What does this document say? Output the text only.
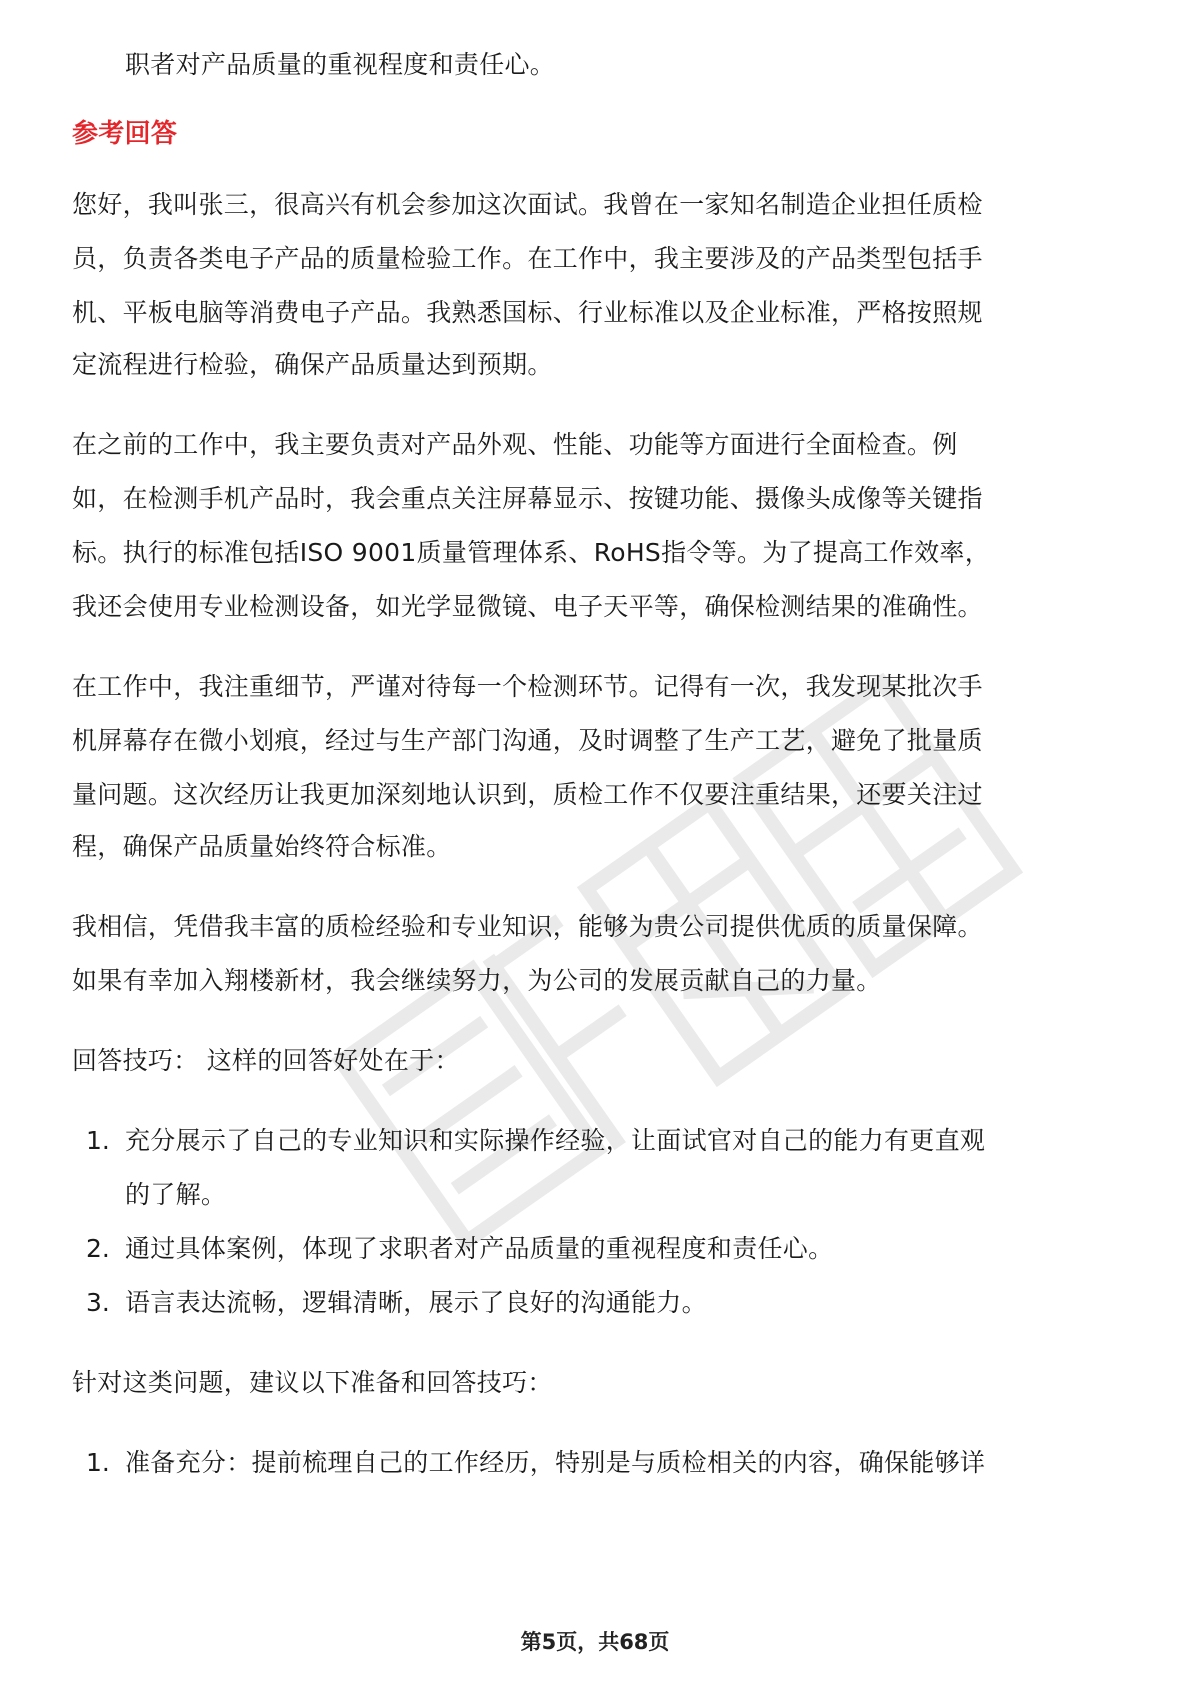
职者对产品质量的重视程度和责任心。
参考回答
您好，我叫张三，很高兴有机会参加这次面试。我曾在一家知名制造企业担任质检
员，负责各类电子产品的质量检验工作。在工作中，我主要涉及的产品类型包括手
机、平板电脑等消费电子产品。我熟悉国标、行业标准以及企业标准，严格按照规
定流程进行检验，确保产品质量达到预期。
在之前的工作中，我主要负责对产品外观、性能、功能等方面进行全面检查。例
如，在检测手机产品时，我会重点关注屏幕显示、按键功能、摄像头成像等关键指
标。执行的标准包括ISO 9001质量管理体系、RoHS指令等。为了提高工作效率，
我还会使用专业检测设备，如光学显微镜、电子天平等，确保检测结果的准确性。
在工作中，我注重细节，严谨对待每一个检测环节。记得有一次，我发现某批次手
机屏幕存在微小划痕，经过与生产部门沟通，及时调整了生产工艺，避免了批量质
量问题。这次经历让我更加深刻地认识到，质检工作不仅要注重结果，还要关注过
程，确保产品质量始终符合标准。
我相信，凭借我丰富的质检经验和专业知识，能够为贵公司提供优质的质量保障。
如果有幸加入翔楼新材，我会继续努力，为公司的发展贡献自己的力量。
回答技巧： 这样的回答好处在于：
1. 充分展示了自己的专业知识和实际操作经验，让面试官对自己的能力有更直观
的了解。
2. 通过具体案例，体现了求职者对产品质量的重视程度和责任心。
3. 语言表达流畅，逻辑清晰，展示了良好的沟通能力。
针对这类问题，建议以下准备和回答技巧：
1. 准备充分：提前梳理自己的工作经历，特别是与质检相关的内容，确保能够详
第5页，共68页
